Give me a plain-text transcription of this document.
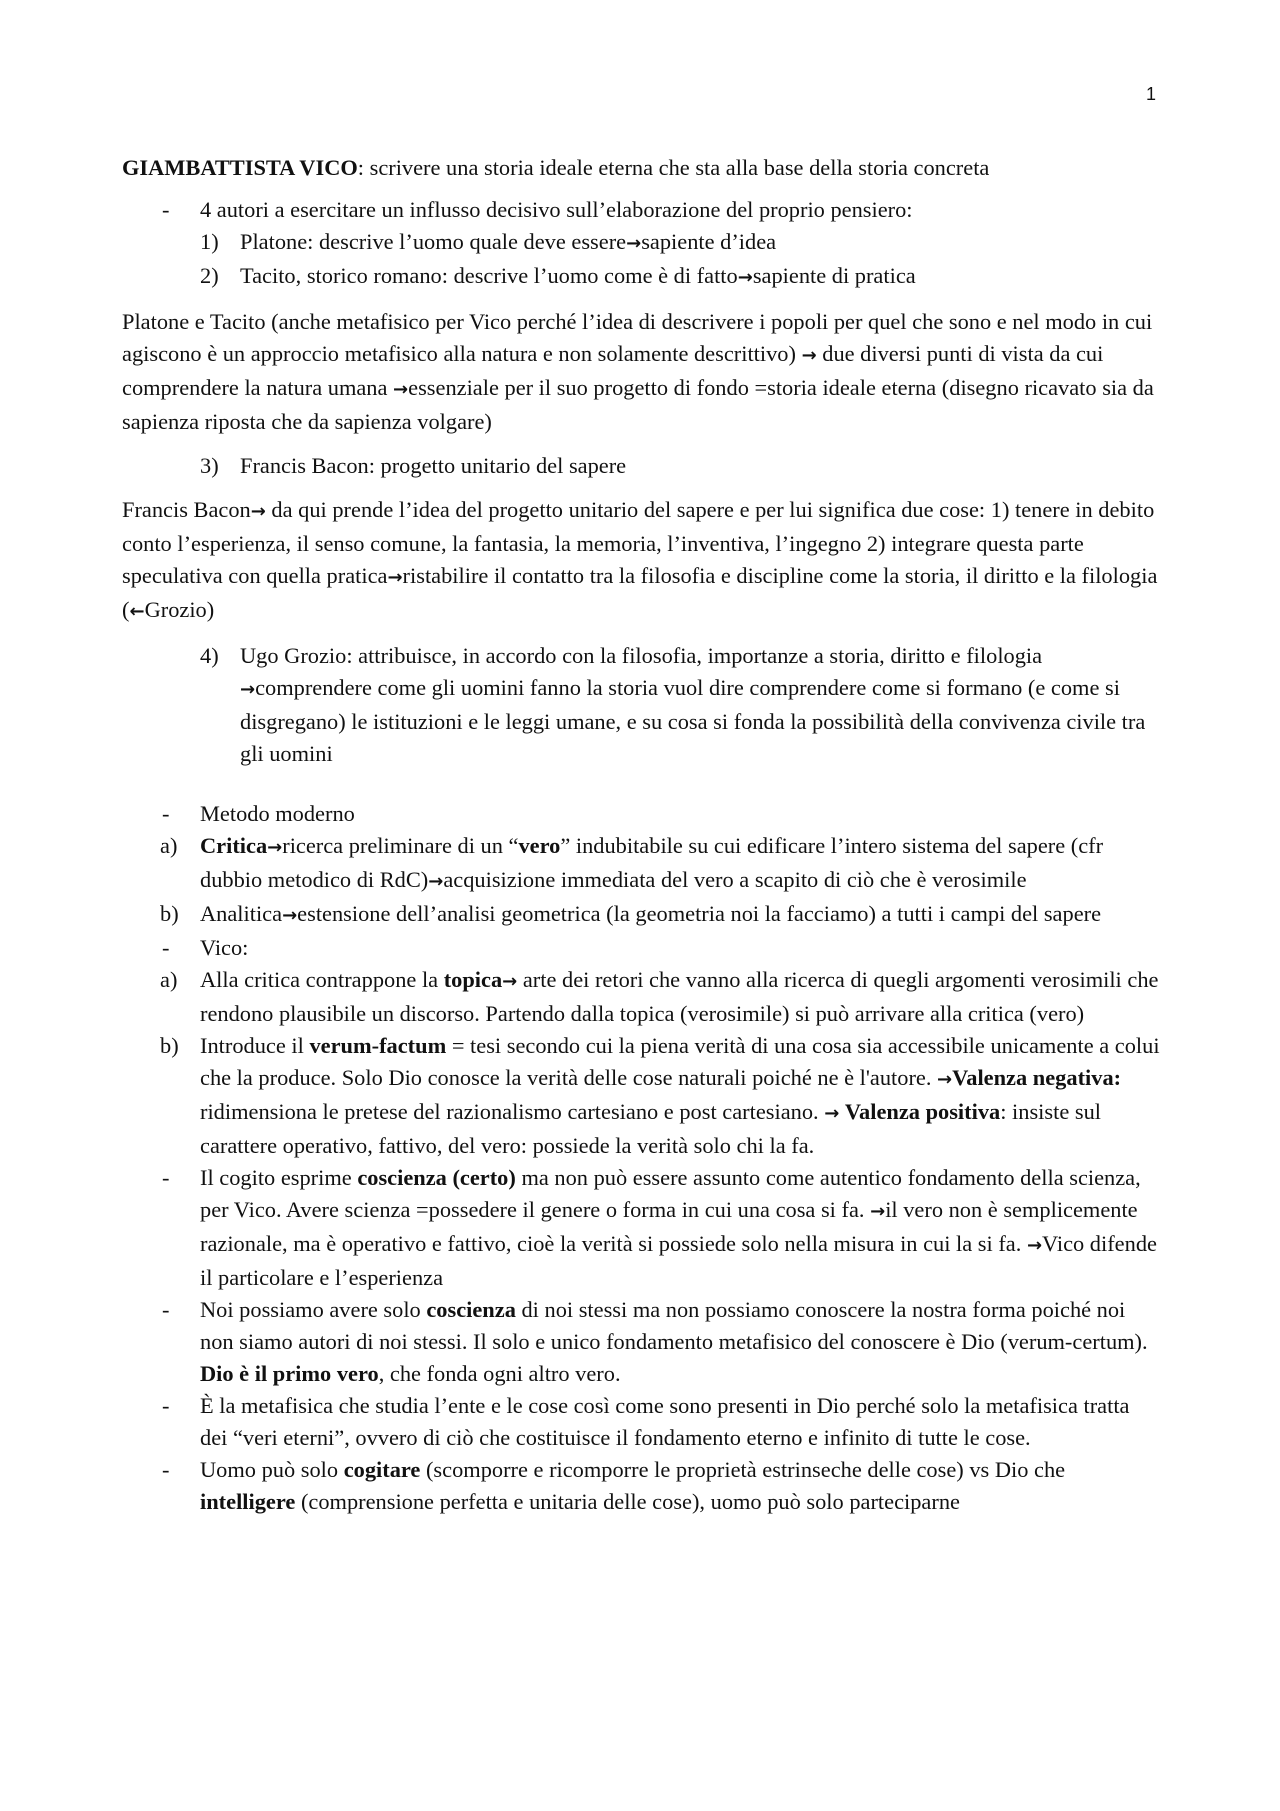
1

GIAMBATTISTA VICO: scrivere una storia ideale eterna che sta alla base della storia concreta

-	4 autori a esercitare un influsso decisivo sull’elaborazione del proprio pensiero:
1) Platone: descrive l’uomo quale deve essere→sapiente d’idea
2) Tacito, storico romano: descrive l’uomo come è di fatto→sapiente di pratica

Platone e Tacito (anche metafisico per Vico perché l’idea di descrivere i popoli per quel che sono e nel modo in cui agiscono è un approccio metafisico alla natura e non solamente descrittivo) → due diversi punti di vista da cui comprendere la natura umana →essenziale per il suo progetto di fondo =storia ideale eterna (disegno ricavato sia da sapienza riposta che da sapienza volgare)

3) Francis Bacon: progetto unitario del sapere

Francis Bacon→ da qui prende l’idea del progetto unitario del sapere e per lui significa due cose: 1) tenere in debito conto l’esperienza, il senso comune, la fantasia, la memoria, l’inventiva, l’ingegno 2) integrare questa parte speculativa con quella pratica→ristabilire il contatto tra la filosofia e discipline come la storia, il diritto e la filologia (←Grozio)

4) Ugo Grozio: attribuisce, in accordo con la filosofia, importanze a storia, diritto e filologia →comprendere come gli uomini fanno la storia vuol dire comprendere come si formano (e come si disgregano) le istituzioni e le leggi umane, e su cosa si fonda la possibilità della convivenza civile tra gli uomini
-	Metodo moderno
a)	Critica→ricerca preliminare di un “vero” indubitabile su cui edificare l’intero sistema del sapere (cfr dubbio metodico di RdC)→acquisizione immediata del vero a scapito di ciò che è verosimile
b) Analitica→estensione dell’analisi geometrica (la geometria noi la facciamo) a tutti i campi del sapere
-	Vico:
a)	Alla critica contrappone la topica→ arte dei retori che vanno alla ricerca di quegli argomenti verosimili che rendono plausibile un discorso. Partendo dalla topica (verosimile) si può arrivare alla critica (vero)
b) Introduce il verum-factum = tesi secondo cui la piena verità di una cosa sia accessibile unicamente a colui che la produce. Solo Dio conosce la verità delle cose naturali poiché ne è l'autore. →Valenza negativa: ridimensiona le pretese del razionalismo cartesiano e post cartesiano. → Valenza positiva: insiste sul carattere operativo, fattivo, del vero: possiede la verità solo chi la fa.
-	Il cogito esprime coscienza (certo) ma non può essere assunto come autentico fondamento della scienza, per Vico. Avere scienza =possedere il genere o forma in cui una cosa si fa. →il vero non è semplicemente razionale, ma è operativo e fattivo, cioè la verità si possiede solo nella misura in cui la si fa. →Vico difende il particolare e l’esperienza
-	Noi possiamo avere solo coscienza di noi stessi ma non possiamo conoscere la nostra forma poiché noi non siamo autori di noi stessi. Il solo e unico fondamento metafisico del conoscere è Dio (verum-certum). Dio è il primo vero, che fonda ogni altro vero.
-	È la metafisica che studia l’ente e le cose così come sono presenti in Dio perché solo la metafisica tratta dei “veri eterni”, ovvero di ciò che costituisce il fondamento eterno e infinito di tutte le cose.
-	Uomo può solo cogitare (scomporre e ricomporre le proprietà estrinseche delle cose) vs Dio che intelligere (comprensione perfetta e unitaria delle cose), uomo può solo parteciparne
